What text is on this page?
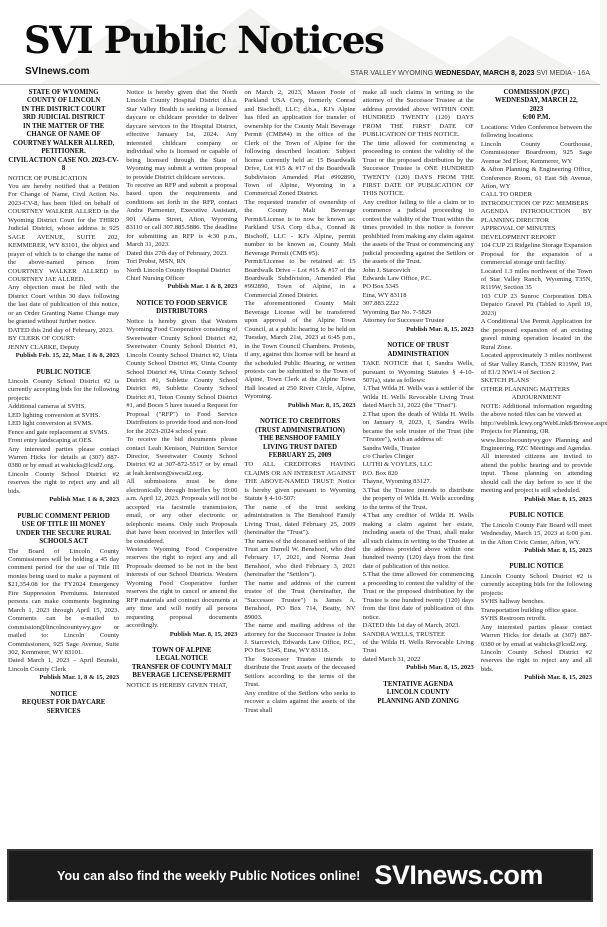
SVI Public Notices
SVInews.com	STAR VALLEY WYOMING WEDNESDAY, MARCH 8, 2023 SVI MEDIA - 16A
STATE OF WYOMING
COUNTY OF LINCOLN
IN THE DISTRICT COURT
3RD JUDICIAL DISTRICT
IN THE MATTER OF THE
CHANGE OF NAME OF
COURTNEY WALKER ALLRED,
PETITIONER.
CIVIL ACTION CASE NO. 2023-CV-8
NOTICE OF PUBLICATION
You are hereby notified that a Petition For Change of Name, Civil Action No. 2023-CV-8, has been filed on behalf of COURTNEY WALKER ALLRED in the Wyoming District Court for the THIRD Judicial District, whose address is 925 SAGE AVENUE, SUITE 202, KEMMERER, WY 83101, the object and prayer of which is to change the name of the above-named person from COURTNEY WALKER ALLRED to COURTNEY JAE ALLRED.
Any objection must be filed with the District Court within 30 days following the last date of publication of this notice, or an Order Granting Name Change may be granted without further notice.
DATED this 2nd day of February, 2023.
BY CLERK OF COURT:
JENNY CLARKE, Deputy
Publish Feb. 15, 22, Mar. 1 & 8, 2023
PUBLIC NOTICE
Lincoln County School District #2 is currently accepting bids for the following projects:
Additional cameras at SVHS.
LED lighting conversion at SVHS.
LED light conversion at SVMS.
Fence and gate replacement at SVMS.
Front entry landscaping at OES.
Any interested parties please contact Warren Hicks for details at (307) 887-0380 or by email at wahicks@lcsd2.org.
Lincoln County School District #2 reserves the right to reject any and all bids.
Publish Mar. 1 & 8, 2023
PUBLIC COMMENT PERIOD
USE OF TITLE III MONEY
UNDER THE SECURE RURAL
SCHOOLS ACT
The Board of Lincoln County Commissioners will be holding a 45 day comment period for the use of Title III monies being used to make a payment of $21,354.08 for the FY2024 Emergency Fire Suppression Premiums. Interested persons can make comments beginning March 1, 2023 through April 15, 2023. Comments can be e-mailed to commission@lincolncountywy.gov or mailed to: Lincoln County Commissioners, 925 Sage Avenue, Suite 302, Kemmerer, WY 83101.
Dated March 1, 2023 – April Brunski, Lincoln County Clerk
Publish Mar. 1, 8 & 15, 2023
NOTICE
REQUEST FOR DAYCARE
SERVICES
Notice is hereby given that the North Lincoln County Hospital District d.b.a. Star Valley Health is seeking a licensed daycare or childcare provider to deliver daycare services to the Hospital District, effective January 1st, 2024. Any interested childcare company or individual who is licensed or capable of being licensed through the State of Wyoming may submit a written proposal to provide District childcare services.
To receive an RFP and submit a proposal based upon the requirements and conditions set forth in the RFP, contact Andra Parmenter, Executive Assistant, 901 Adams Street, Afton, Wyoming 83110 or call 307.885.5886. The deadline for submitting an RFP is 4:30 p.m., March 31, 2023.
Dated this 27th day of February, 2023.
Tori Probst, MSN, RN
North Lincoln County Hospital District
Chief Nursing Officer
Publish Mar. 1 & 8, 2023
NOTICE TO FOOD SERVICE
DISTRIBUTORS
Notice is hereby given that Western Wyoming Food Cooperative consisting of Sweetwater County School District #2, Sweetwater County School District #1, Lincoln County School District #2, Uinta County School District #6, Uinta County School District #4, Uinta County School District #1, Sublette County School District #9, Sublette County School District #1, Teton County School District #1, and Boces 5 have issued a Request for Proposal ("RFP") to Food Service Distributors to provide food and non-food for the 2023-2024 school year.
To receive the bid documents please contact Leah Kenison, Nutrition Service Director, Sweetwater County School District #2 at 307-872-5517 or by email at leah.kenison@swcsd2.org.
All submissions must be done electronically through Interflex by 10:00 a.m. April 12, 2023. Proposals will not be accepted via facsimile transmission, email, or any other electronic or telephonic means. Only such Proposals that have been received in Interflex will be considered.
Western Wyoming Food Cooperative reserves the right to reject any and all Proposals deemed to be not in the best interests of our School Districts. Western Wyoming Food Cooperative further reserves the right to cancel or amend the RFP materials and contract documents at any time and will notify all persons requesting proposal documents accordingly.
Publish Mar. 8, 15, 2023
TOWN OF ALPINE
LEGAL NOTICE
TRANSFER OF COUNTY MALT
BEVERAGE LICENSE/PERMIT
NOTICE IS HEREBY GIVEN THAT,
on March 2, 2023, Mason Foote of Parkland USA Corp, formerly Conrad and Bischoff, LLC; d.b.a., KJ's Alpine has filed an application for transfer of ownership for the County Malt Beverage Permit (CMB#4) in the office of the Clerk of the Town of Alpine for the following described location: Subject license currently held at: 15 Boardwalk Drive, Lot #15 & #17 of the Boardwalk Subdivision Amended Plat #992890, Town of Alpine, Wyoming in a Commercial Zoned District.
The requested transfer of ownership of the County Malt Beverage Permit/License is to now be known as: Parkland USA Corp d.b.a., Conrad & Bischoff, LLC - KJ's Alpine, permit number to be known as, County Malt Beverage Permit (CMB #5).
Permit/License to be retained at: 15 Boardwalk Drive – Lot #15 & #17 of the Boardwalk Subdivision, Amended Plat #992890, Town of Alpine, in a Commercial Zoned District.
The aforementioned County Malt Beverage License will be transferred upon approval of the Alpine Town Council, at a public hearing to be held on Tuesday, March 21st, 2023 at 6:45 p.m., in the Town Council Chambers. Protests, if any, against this license will be heard at the scheduled Public Hearing, or written protests can be submitted to the Town of Alpine, Town Clerk at the Alpine Town Hall located at 250 River Circle, Alpine, Wyoming.
Publish Mar. 8, 15, 2023
NOTICE TO CREDITORS
(TRUST ADMINISTRATION)
THE BENSHOOF FAMILY
LIVING TRUST DATED
FEBRUARY 25, 2009
TO ALL CREDITORS HAVING CLAIMS OR AN INTEREST AGAINST THE ABOVE-NAMED TRUST: Notice is hereby given pursuant to Wyoming Statute § 4-10-507:
The name of the trust seeking administration is The Benshoof Family Living Trust, dated February 25, 2009 (hereinafter the "Trust").
The names of the deceased settlors of the Trust are Darrell W. Benshoof, who died February 17, 2021, and Norma Jean Benshoof, who died February 3, 2021 (hereinafter the "Settlors").
The name and address of the current trustee of the Trust (hereinafter, the "Successor Trustee") is James A. Benshoof, PO Box 714, Beatty, NV 89003.
The name and mailing address of the attorney for the Successor Trustee is John J. Starcevich, Edwards Law Office, P.C., PO Box 5345, Etna, WY 83118.
The Successor Trustee intends to distribute the Trust assets of the deceased Settlors according to the terms of the Trust.
Any creditor of the Settlors who seeks to recover a claim against the assets of the Trust shall
make all such claims in writing to the attorney of the Successor Trustee at the address provided above WITHIN ONE HUNDRED TWENTY (120) DAYS FROM THE FIRST DATE OF PUBLICATION OF THIS NOTICE.
The time allowed for commencing a proceeding to contest the validity of the Trust or the proposed distribution by the Successor Trustee is ONE HUNDRED TWENTY (120) DAYS FROM THE FIRST DATE OF PUBLICATION OF THIS NOTICE.
Any creditor failing to file a claim or to commence a judicial proceeding to contest the validity of the Trust within the times provided in this notice is forever prohibited from making any claim against the assets of the Trust or commencing any judicial proceeding against the Settlors or the assets of the Trust.
John J. Starcevich
Edwards Law Office, P.C.
PO Box 5345
Etna, WY 83118
307.883.2222
Wyoming Bar No. 7-5829
Attorney for Successor Trustee
Publish Mar. 8, 15, 2023
NOTICE OF TRUST
ADMINISTRATION
TAKE NOTICE that I, Sandra Wells, pursuant to Wyoming Statutes § 4-10-507(a), state as follows:
1.That Wilda H. Wells was a settler of the Wilda H. Wells Revocable Living Trust dated March 31, 2022 (the "Trust").
2.That upon the death of Wilda H. Wells on January 9, 2023, I, Sandra Wells became the sole trustee of the Trust (the "Trustee"), with an address of:
Sandra Wells, Trustee
c/o Charles Clinger
LUTHI & VOYLES, LLC
P.O. Box 820
Thayne, Wyoming 83127.
3.That the Trustee intends to distribute the property of Wilda H. Wells according to the terms of the Trust.
4.That any creditor of Wilda H. Wells making a claim against her estate, including assets of the Trust, shall make all such claims in writing to the Trustee at the address provided above within one hundred twenty (120) days from the first date of publication of this notice.
5.That the time allowed for commencing a proceeding to contest the validity of the Trust or the proposed distribution by the Trustee is one hundred twenty (120) days from the first date of publication of this notice.
DATED this 1st day of March, 2023.
SANDRA WELLS, TRUSTEE
of the Wilda H. Wells Revocable Living Trust
dated March 31, 2022
Publish Mar. 8, 15, 2023
TENTATIVE AGENDA
LINCOLN COUNTY
PLANNING AND ZONING
COMMISSION (PZC)
WEDNESDAY, MARCH 22,
2023
6:00 P.M.
Locations: Video Conference between the following locations:
Lincoln County Courthouse, Commissioner Boardroom, 925 Sage Avenue 3rd Floor, Kemmerer, WY
& Afton Planning & Engineering Office, Conference Room, 61 East 5th Avenue, Afton, WY
CALL TO ORDER
INTRODUCTION OF PZC MEMBERS
AGENDA INTRODUCTION BY PLANNING DIRECTOR
APPROVAL OF MINUTES
DEVELOPMENT REPORT
104 CUP 23 Ridgeline Storage Expansion
Proposal for the expansion of a commercial storage unit facility.
Located 1.3 miles northwest of the Town of Star Valley Ranch, Wyoming T35N, R119W, Section 35
103 CUP 23 Sunroc Corporation DBA Depatco Gravel Pit (Tabled to April 19, 2023)
A Conditional Use Permit Application for the proposed expansion of an existing gravel mining operation located in the Rural Zone.
Located approximately 3 miles northwest of Star Valley Ranch, T35N R119W, Part of E1/2 NW1/4 of Section 2
SKETCH PLANS
OTHER PLANNING MATTERS
ADJOURNMENT
NOTE: Additional information regarding the above noted files can be viewed at
http://weblink.lcwy.org/WebLink8/Browse.aspx Projects for Planning, OR
www.lincolncountywy.gov Planning and Engineering, PZC Meetings and Agendas.
All interested citizens are invited to attend the public hearing and to provide input. Those planning on attending should call the day before to see if the meeting and project is still scheduled.
Publish Mar. 8, 15, 2023
PUBLIC NOTICE
The Lincoln County Fair Board will meet Wednesday, March 15, 2023 at 6:00 p.m. in the Afton Civic Center, Afton, WY.
Publish Mar. 8, 15, 2023
PUBLIC NOTICE
Lincoln County School District #2 is currently accepting bids for the following projects:
SVHS hallway benches.
Transportation building office space.
SVHS Restroom retrofit.
Any interested parties please contact Warren Hicks for details at (307) 887-0380 or by email at wahicks@lcsd2.org.
Lincoln County School District #2 reserves the right to reject any and all bids.
Publish Mar. 8, 15, 2023
You can also find the weekly Public Notices online! SVInews.com
